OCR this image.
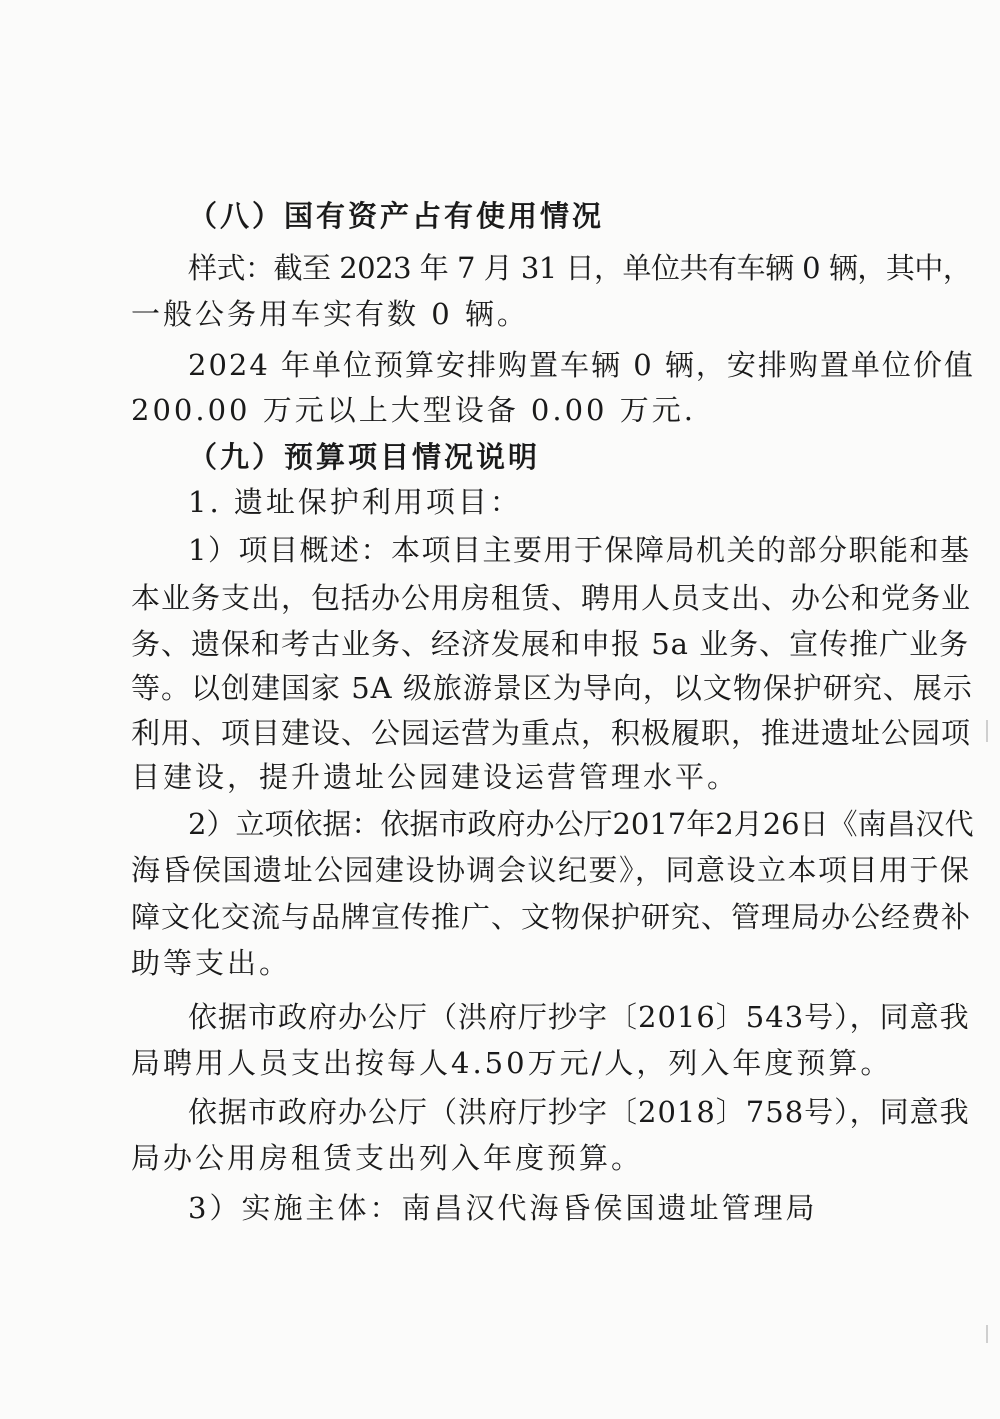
（八）国有资产占有使用情况
样式：截至 2023 年 7 月 31 日，单位共有车辆 0 辆，其中，
一般公务用车实有数 0 辆。
2024 年单位预算安排购置车辆 0 辆，安排购置单位价值
200.00 万元以上大型设备 0.00 万元.
（九）预算项目情况说明
1. 遗址保护利用项目：
1）项目概述：本项目主要用于保障局机关的部分职能和基
本业务支出，包括办公用房租赁、聘用人员支出、办公和党务业
务、遗保和考古业务、经济发展和申报 5a 业务、宣传推广业务
等。以创建国家 5A 级旅游景区为导向，以文物保护研究、展示
利用、项目建设、公园运营为重点，积极履职，推进遗址公园项
目建设，提升遗址公园建设运营管理水平。
2）立项依据：依据市政府办公厅2017年2月26日《南昌汉代
海昏侯国遗址公园建设协调会议纪要》，同意设立本项目用于保
障文化交流与品牌宣传推广、文物保护研究、管理局办公经费补
助等支出。
依据市政府办公厅（洪府厅抄字〔2016〕543号），同意我
局聘用人员支出按每人4.50万元/人，列入年度预算。
依据市政府办公厅（洪府厅抄字〔2018〕758号），同意我
局办公用房租赁支出列入年度预算。
3）实施主体：南昌汉代海昏侯国遗址管理局
